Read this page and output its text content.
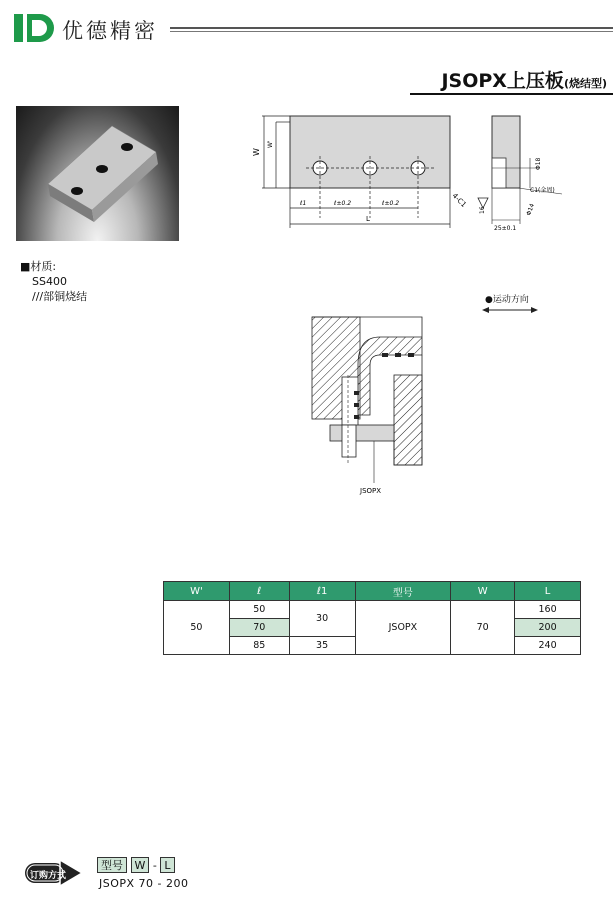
优德精密
JSOPX上压板(烧结型)
■材质:
SS400
///部铜烧结
W
W'
ℓ1	ℓ±0.2	ℓ±0.2
L
4-C1
Φ18
C1(全周)
16	Φ14
25±0.1
●运动方向
JSOPX
W'	ℓ	ℓ1	型号	W	L
50	50	30	JSOPX	70	160
	70				200
	85	35			240
订购方式
型号 W - L
JSOPX 70 - 200
